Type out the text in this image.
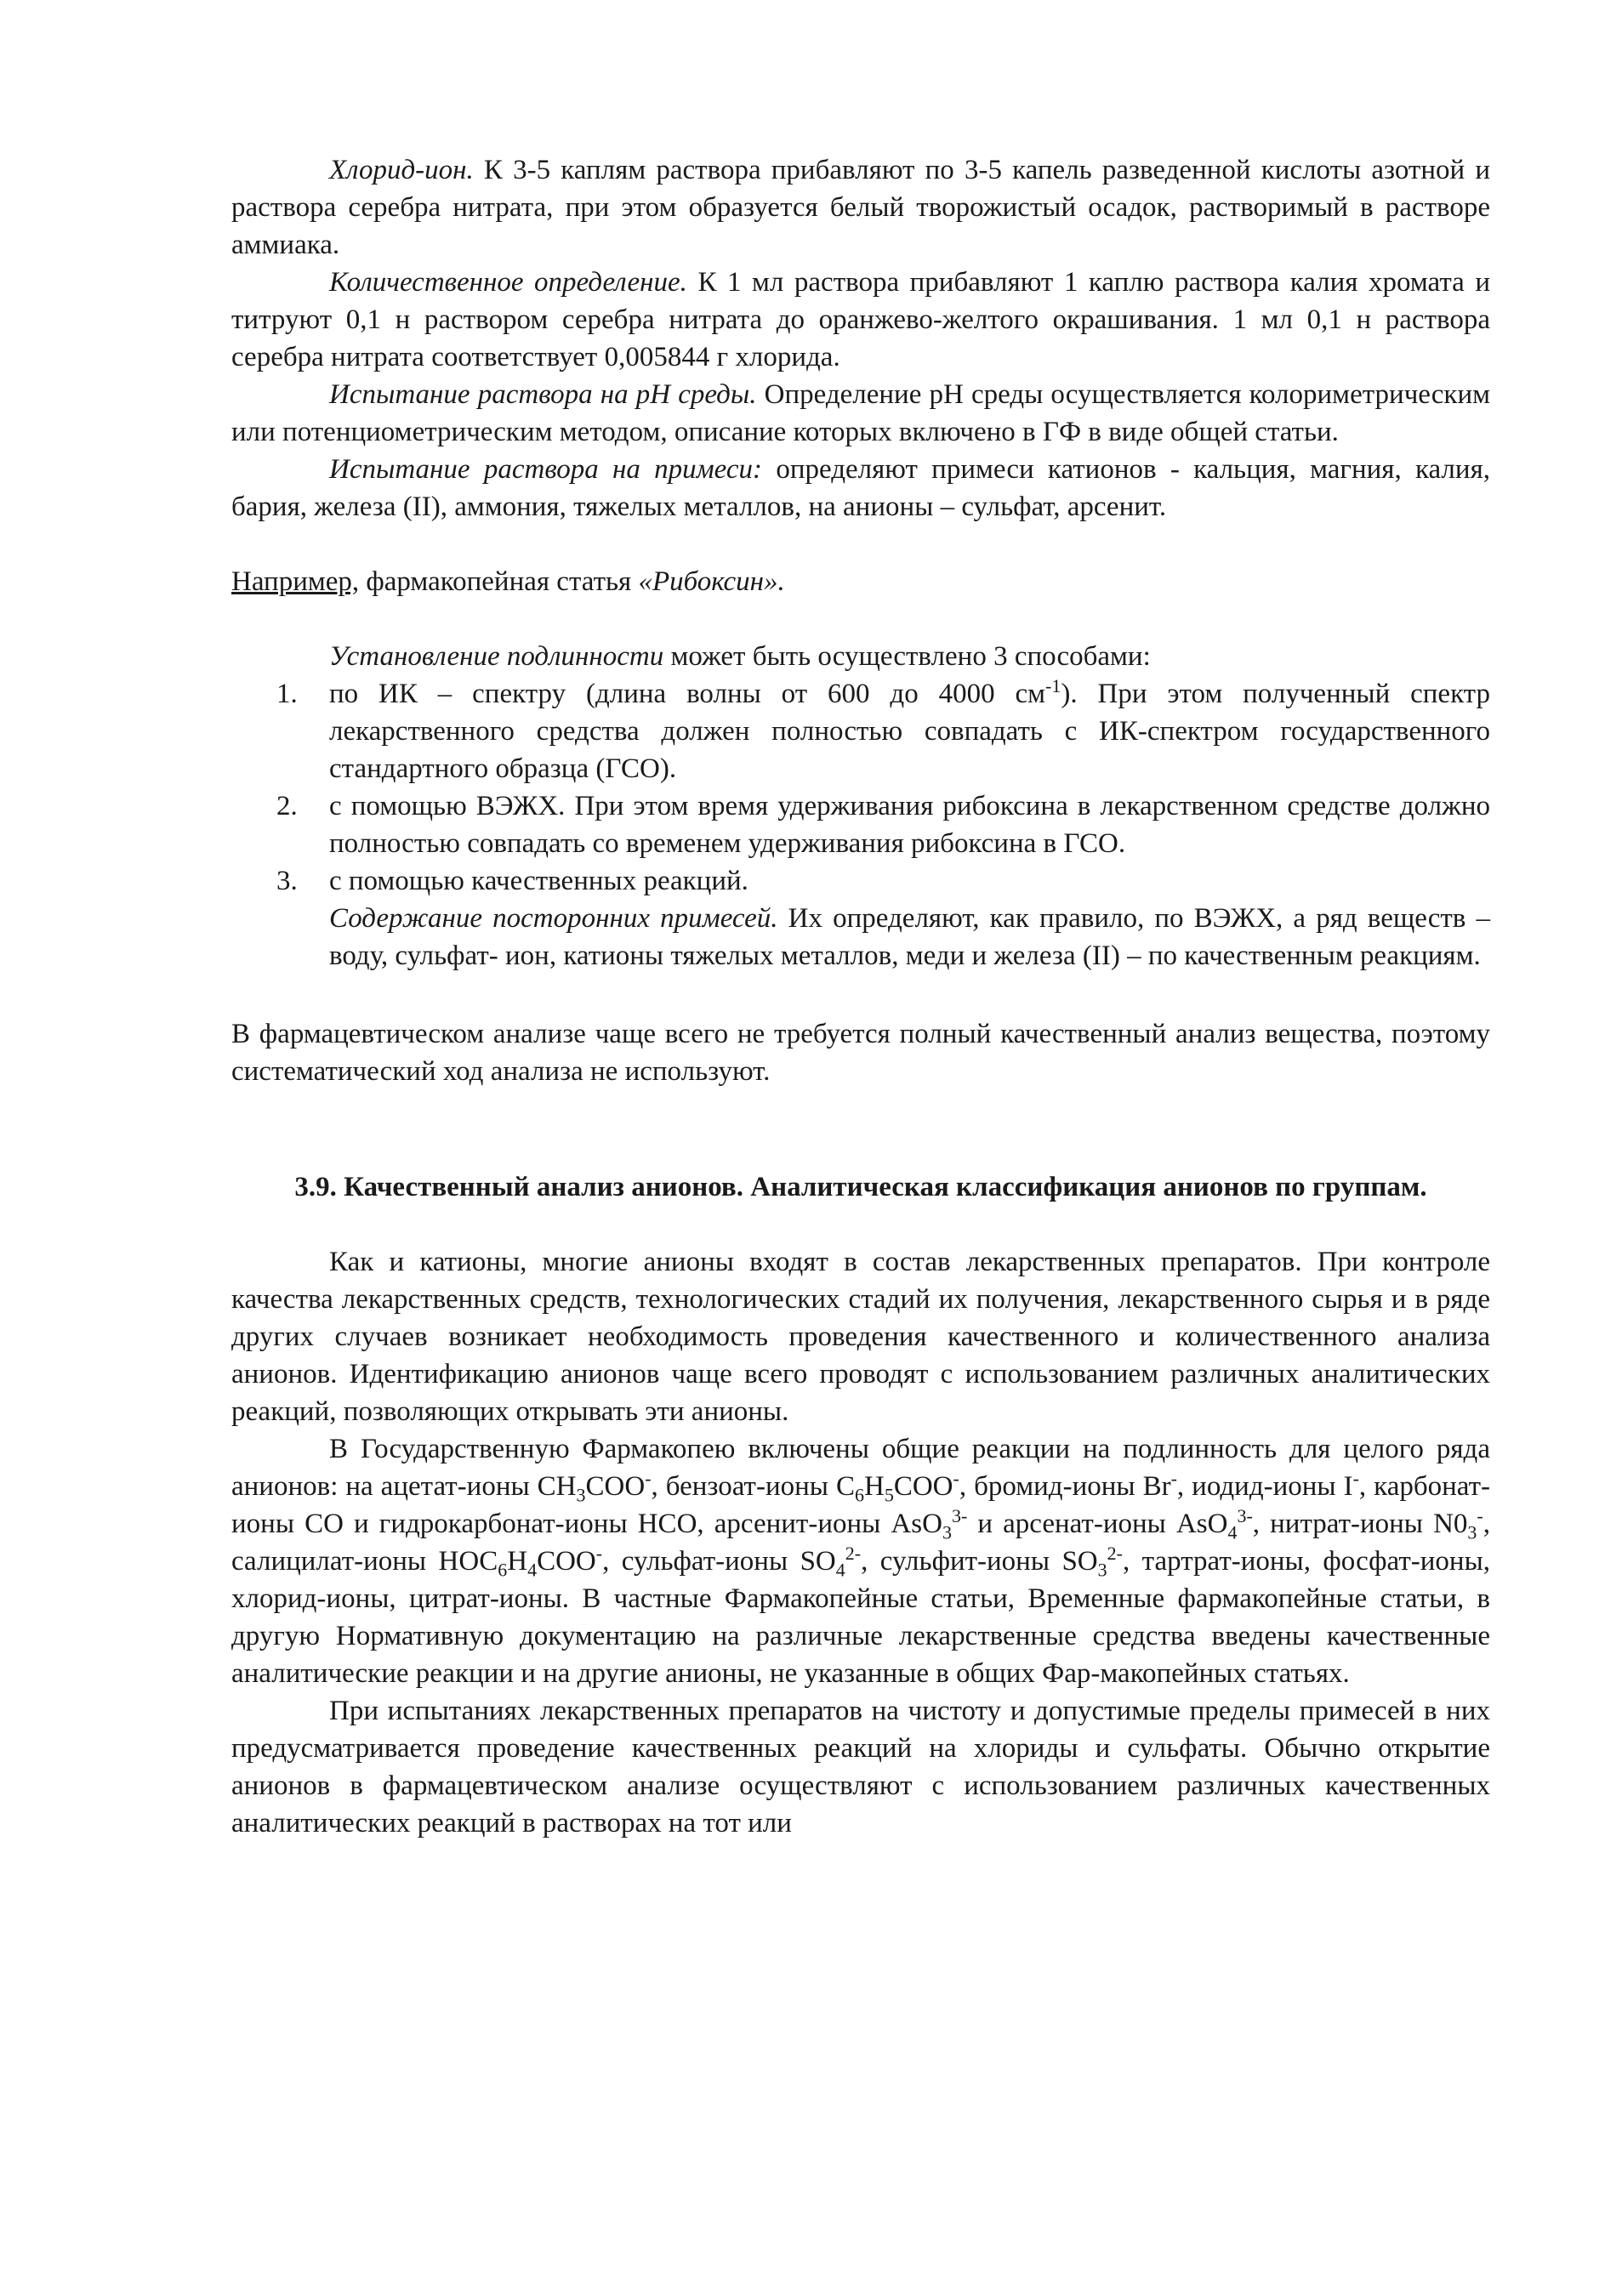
Хлорид-ион. К 3-5 каплям раствора прибавляют по 3-5 капель разведенной кислоты азотной и раствора серебра нитрата, при этом образуется белый творожистый осадок, растворимый в растворе аммиака.

Количественное определение. К 1 мл раствора прибавляют 1 каплю раствора калия хромата и титруют 0,1 н раствором серебра нитрата до оранжево-желтого окрашивания. 1 мл 0,1 н раствора серебра нитрата соответствует 0,005844 г хлорида.

Испытание раствора на pH среды. Определение pH среды осуществляется колориметрическим или потенциометрическим методом, описание которых включено в ГФ в виде общей статьи.

Испытание раствора на примеси: определяют примеси катионов - кальция, магния, калия, бария, железа (II), аммония, тяжелых металлов, на анионы – сульфат, арсенит.

Например, фармакопейная статья «Рибоксин».

Установление подлинности может быть осуществлено 3 способами:

1. по ИК – спектру (длина волны от 600 до 4000 $см^{-1}$). При этом полученный спектр лекарственного средства должен полностью совпадать с ИК-спектром государственного стандартного образца (ГСО).
2. с помощью ВЭЖХ. При этом время удерживания рибоксина в лекарственном средстве должно полностью совпадать со временем удерживания рибоксина в ГСО.
3. с помощью качественных реакций.

Содержание посторонних примесей. Их определяют, как правило, по ВЭЖХ, а ряд веществ – воду, сульфат- ион, катионы тяжелых металлов, меди и железа (II) – по качественным реакциям.

В фармацевтическом анализе чаще всего не требуется полный качественный анализ вещества, поэтому систематический ход анализа не используют.

3.9. Качественный анализ анионов. Аналитическая классификация анионов по группам.

Как и катионы, многие анионы входят в состав лекарственных препаратов. При контроле качества лекарственных средств, технологических стадий их получения, лекарственного сырья и в ряде других случаев возникает необходимость проведения качественного и количественного анализа анионов. Идентификацию анионов чаще всего проводят с использованием различных аналитических реакций, позволяющих открывать эти анионы.

В Государственную Фармакопею включены общие реакции на подлинность для целого ряда анионов: на ацетат-ионы $CH_3COO^-$, бензоат-ионы $C_6H_5COO^-$, бромид-ионы Br-, иодид-ионы I-, карбонат-ионы CO и гидрокарбонат-ионы HCO, арсенит-ионы AsO$_3^{3-}$ и арсенат-ионы AsO$_4^{3-}$, нитрат-ионы $N0_3^-$, салицилат-ионы $HOC_6H_4COO^-$, сульфат-ионы $SO_4^{2-}$, сульфит-ионы $SO_3^{2-}$, тартрат-ионы, фосфат-ионы, хлорид-ионы, цитрат-ионы. В частные Фармакопейные статьи, Временные фармакопейные статьи, в другую Нормативную документацию на различные лекарственные средства введены качественные аналитические реакции и на другие анионы, не указанные в общих Фар-макопейных статьях.

При испытаниях лекарственных препаратов на чистоту и допустимые пределы примесей в них предусматривается проведение качественных реакций на хлориды и сульфаты. Обычно открытие анионов в фармацевтическом анализе осуществляют с использованием различных качественных аналитических реакций в растворах на тот или
